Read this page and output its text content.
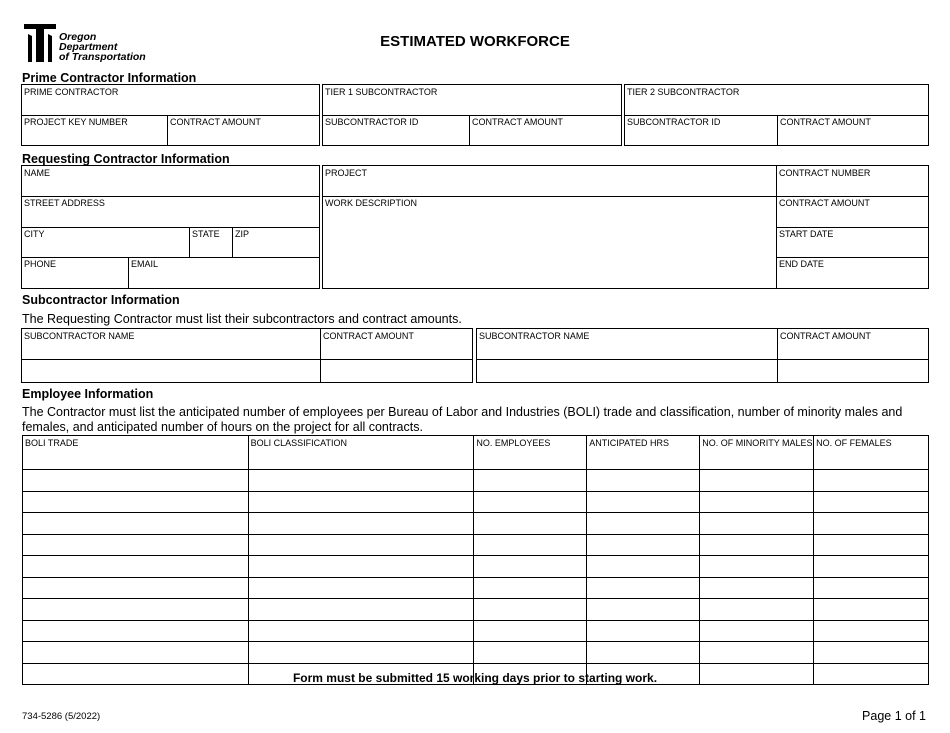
Oregon
Department
of Transportation
ESTIMATED WORKFORCE
Prime Contractor Information
PRIME CONTRACTOR
PROJECT KEY NUMBER	CONTRACT AMOUNT
TIER 1 SUBCONTRACTOR
SUBCONTRACTOR ID	CONTRACT AMOUNT
TIER 2 SUBCONTRACTOR
SUBCONTRACTOR ID	CONTRACT AMOUNT
Requesting Contractor Information
NAME
STREET ADDRESS
CITY	STATE ZIP
PHONE	EMAIL
PROJECT
WORK DESCRIPTION
CONTRACT NUMBER
CONTRACT AMOUNT
START DATE
END DATE
Subcontractor Information
The Requesting Contractor must list their subcontractors and contract amounts.
SUBCONTRACTOR NAME	CONTRACT AMOUNT	SUBCONTRACTOR NAME	CONTRACT AMOUNT
Employee Information
The Contractor must list the anticipated number of employees per Bureau of Labor and Industries (BOLI) trade and classification, number of minority males and females, and anticipated number of hours on the project for all contracts.
BOLI TRADE	BOLI CLASSIFICATION	NO. EMPLOYEES	ANTICIPATED HRS	NO. OF MINORITY MALES	NO. OF FEMALES

Form must be submitted 15 working days prior to starting work.
734-5286 (5/2022)	Page 1 of 1
